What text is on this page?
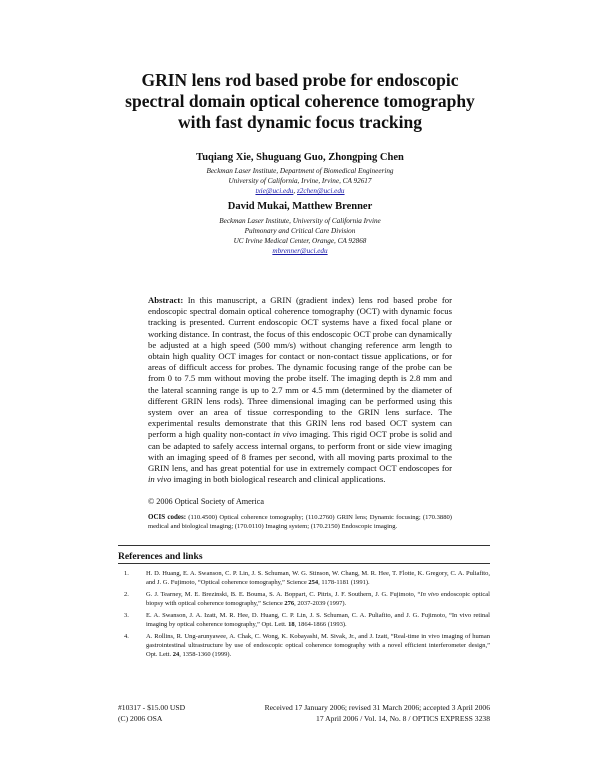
GRIN lens rod based probe for endoscopic
spectral domain optical coherence tomography
with fast dynamic focus tracking
Tuqiang Xie, Shuguang Guo, Zhongping Chen
Beckman Laser Institute, Department of Biomedical Engineering
University of California, Irvine, Irvine, CA 92617
txie@uci.edu, z2chen@uci.edu
David Mukai, Matthew Brenner
Beckman Laser Institute, University of California Irvine
Pulmonary and Critical Care Division
UC Irvine Medical Center, Orange, CA 92868
mbrenner@uci.edu
Abstract: In this manuscript, a GRIN (gradient index) lens rod based probe for endoscopic spectral domain optical coherence tomography (OCT) with dynamic focus tracking is presented. Current endoscopic OCT systems have a fixed focal plane or working distance. In contrast, the focus of this endoscopic OCT probe can dynamically be adjusted at a high speed (500 mm/s) without changing reference arm length to obtain high quality OCT images for contact or non-contact tissue applications, or for areas of difficult access for probes. The dynamic focusing range of the probe can be from 0 to 7.5 mm without moving the probe itself. The imaging depth is 2.8 mm and the lateral scanning range is up to 2.7 mm or 4.5 mm (determined by the diameter of different GRIN lens rods). Three dimensional imaging can be performed using this system over an area of tissue corresponding to the GRIN lens surface. The experimental results demonstrate that this GRIN lens rod based OCT system can perform a high quality non-contact in vivo imaging. This rigid OCT probe is solid and can be adapted to safely access internal organs, to perform front or side view imaging with an imaging speed of 8 frames per second, with all moving parts proximal to the GRIN lens, and has great potential for use in extremely compact OCT endoscopes for in vivo imaging in both biological research and clinical applications.
© 2006 Optical Society of America
OCIS codes: (110.4500) Optical coherence tomography; (110.2760) GRIN lens; Dynamic focusing; (170.3880) medical and biological imaging; (170.0110) Imaging system; (170.2150) Endoscopic imaging.
References and links
1.	H. D. Huang, E. A. Swanson, C. P. Lin, J. S. Schuman, W. G. Stinson, W. Chang, M. R. Hee, T. Flotte, K. Gregory, C. A. Puliafito, and J. G. Fujimoto, “Optical coherence tomography,” Science 254, 1178-1181 (1991).
2.	G. J. Tearney, M. E. Brezinski, B. E. Bouma, S. A. Boppart, C. Pitris, J. F. Southern, J. G. Fujimoto, “In vivo endoscopic optical biopsy with optical coherence tomography,” Science 276, 2037-2039 (1997).
3.	E. A. Swanson, J. A. Izatt, M. R. Hee, D. Huang, C. P. Lin, J. S. Schuman, C. A. Puliafito, and J. G. Fujimoto, “In vivo retinal imaging by optical coherence tomography,” Opt. Lett. 18, 1864-1866 (1993).
4.	A. Rollins, R. Ung-arunyawee, A. Chak, C. Wong, K. Kobayashi, M. Sivak, Jr., and J. Izatt, “Real-time in vivo imaging of human gastrointestinal ultrastructure by use of endoscopic optical coherence tomography with a novel efficient interferometer design,” Opt. Lett. 24, 1358-1360 (1999).
#10317 - $15.00 USD
(C) 2006 OSA
Received 17 January 2006; revised 31 March 2006; accepted 3 April 2006
17 April 2006 / Vol. 14, No. 8 / OPTICS EXPRESS 3238
